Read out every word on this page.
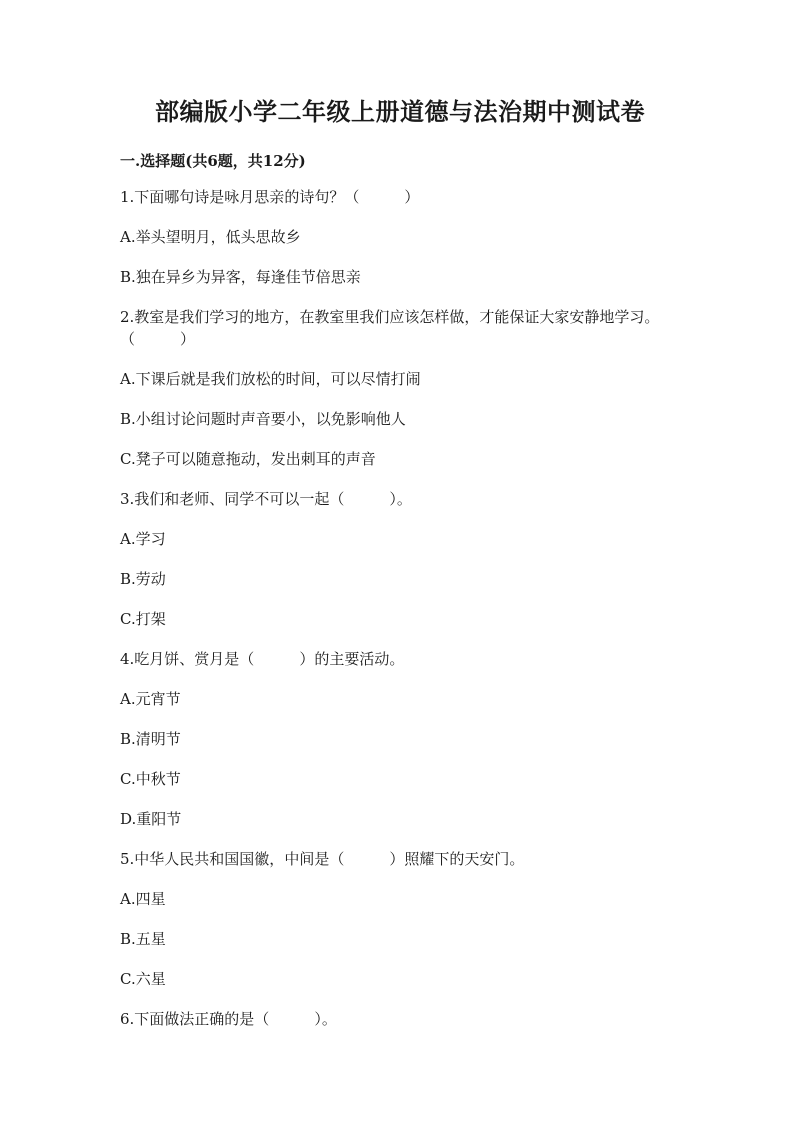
部编版小学二年级上册道德与法治期中测试卷
一.选择题(共6题，共12分)
1.下面哪句诗是咏月思亲的诗句？（　　　）
A.举头望明月，低头思故乡
B.独在异乡为异客，每逢佳节倍思亲
2.教室是我们学习的地方，在教室里我们应该怎样做，才能保证大家安静地学习。（　　　）
A.下课后就是我们放松的时间，可以尽情打闹
B.小组讨论问题时声音要小，以免影响他人
C.凳子可以随意拖动，发出刺耳的声音
3.我们和老师、同学不可以一起（　　　）。
A.学习
B.劳动
C.打架
4.吃月饼、赏月是（　　　）的主要活动。
A.元宵节
B.清明节
C.中秋节
D.重阳节
5.中华人民共和国国徽，中间是（　　　）照耀下的天安门。
A.四星
B.五星
C.六星
6.下面做法正确的是（　　　）。
